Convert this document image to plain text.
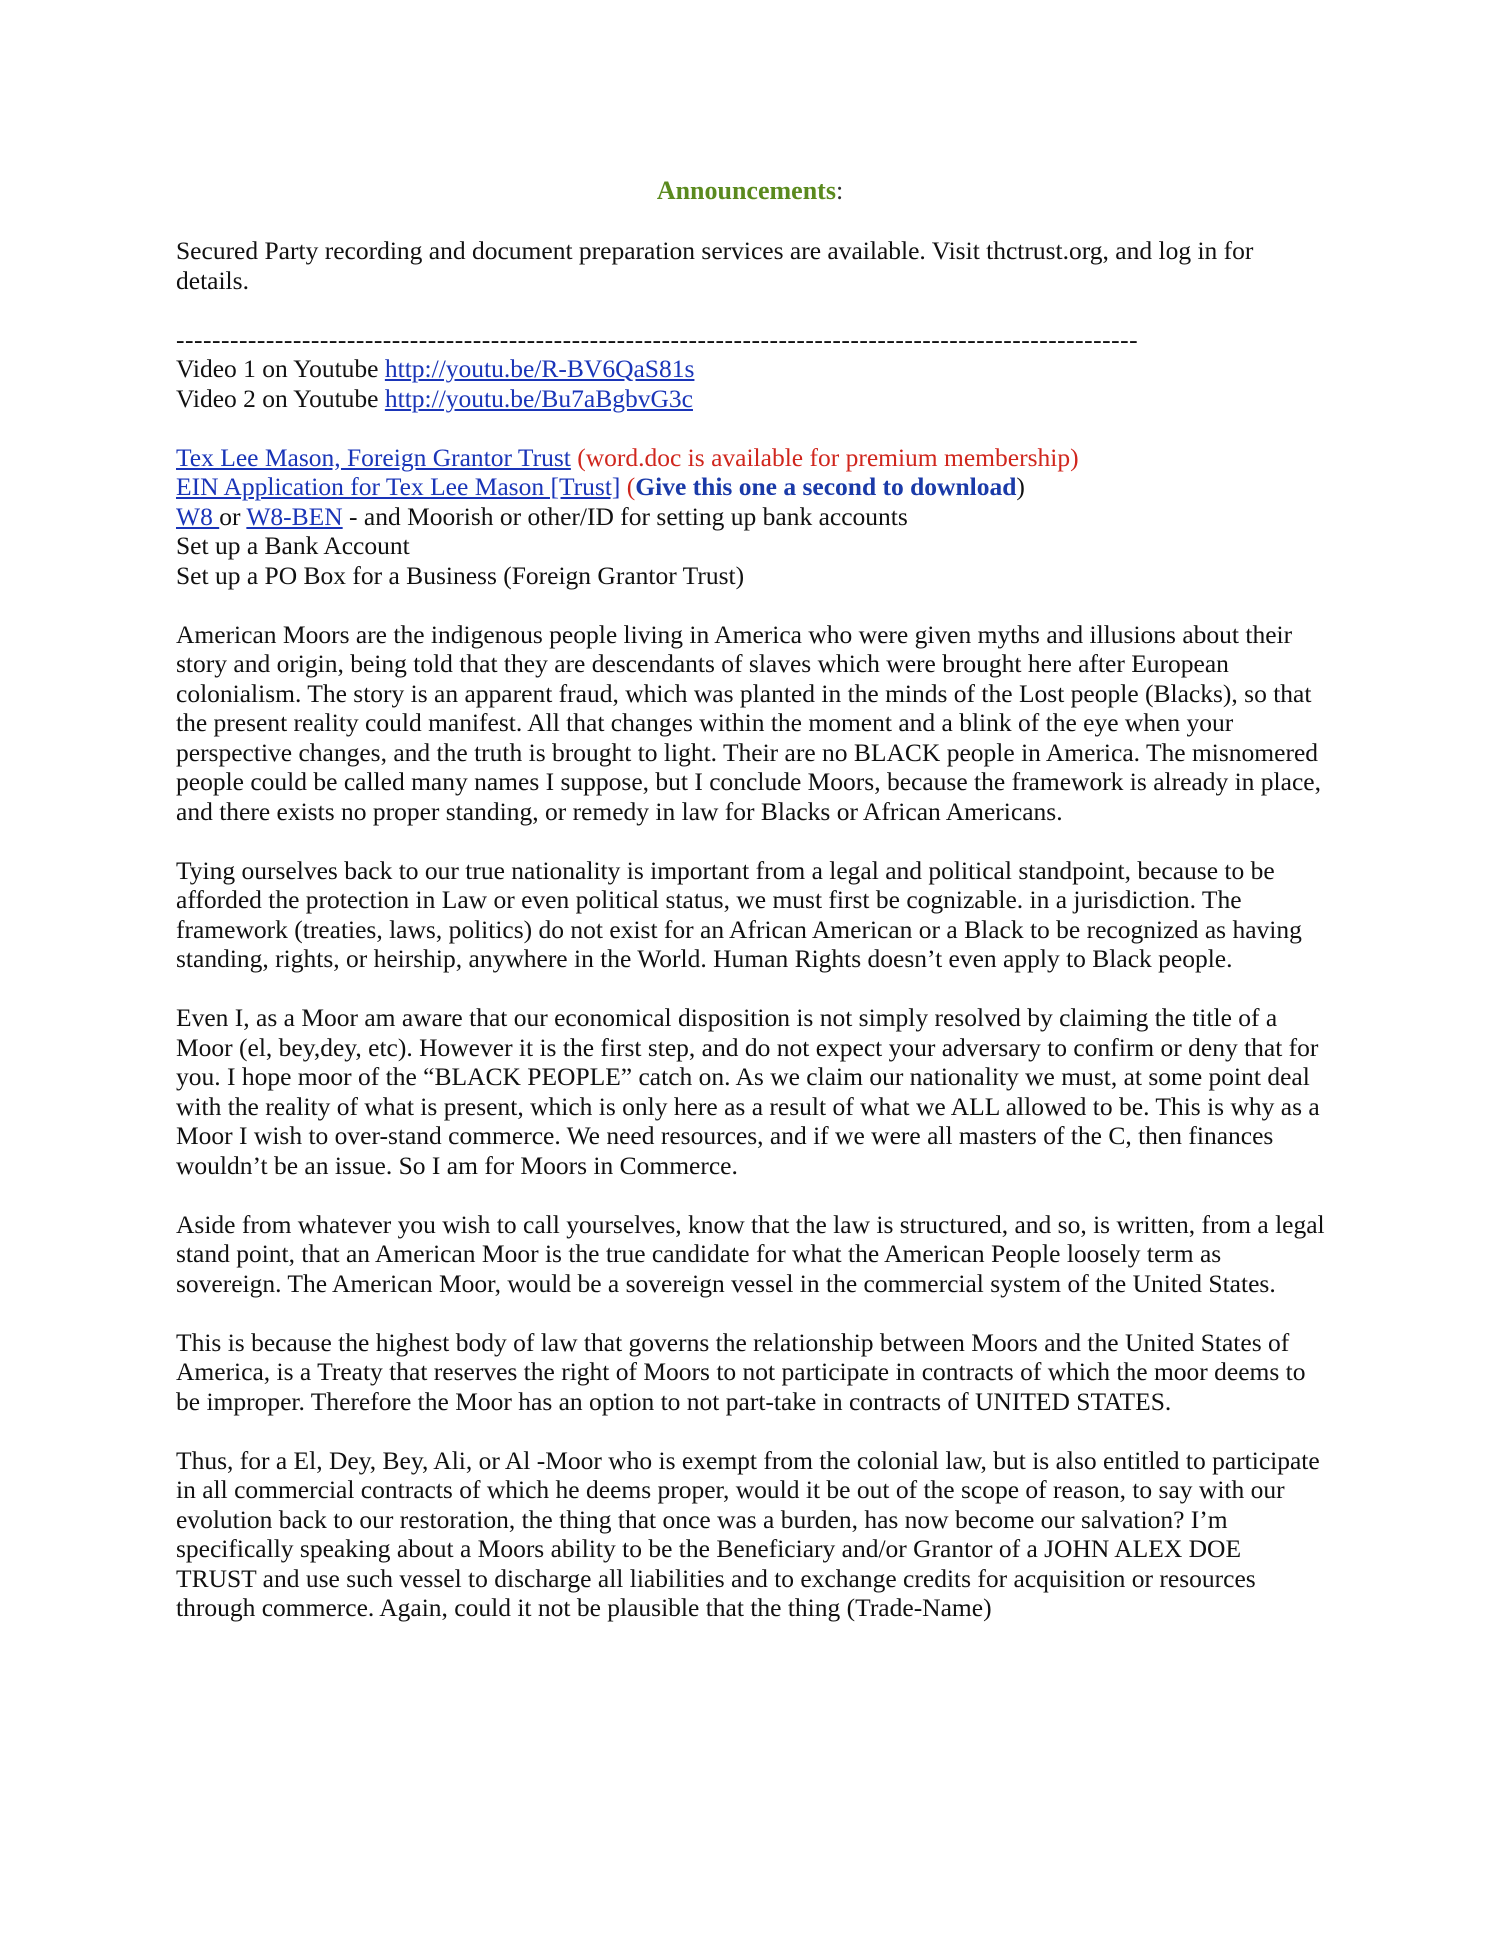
Announcements:

Secured Party recording and document preparation services are available. Visit thctrust.org, and log in for details.

-----------------------------------------------------------------------------------------------------------
Video 1 on Youtube http://youtu.be/R-BV6QaS81s
Video 2 on Youtube http://youtu.be/Bu7aBgbvG3c
Tex Lee Mason, Foreign Grantor Trust (word.doc is available for premium membership)
EIN Application for Tex Lee Mason [Trust] (Give this one a second to download)
W8 or W8-BEN - and Moorish or other/ID for setting up bank accounts
Set up a Bank Account
Set up a PO Box for a Business (Foreign Grantor Trust)

American Moors are the indigenous people living in America who were given myths and illusions about their story and origin, being told that they are descendants of slaves which were brought here after European colonialism. The story is an apparent fraud, which was planted in the minds of the Lost people (Blacks), so that the present reality could manifest. All that changes within the moment and a blink of the eye when your perspective changes, and the truth is brought to light. Their are no BLACK people in America. The misnomered people could be called many names I suppose, but I conclude Moors, because the framework is already in place, and there exists no proper standing, or remedy in law for Blacks or African Americans.

Tying ourselves back to our true nationality is important from a legal and political standpoint, because to be afforded the protection in Law or even political status, we must first be cognizable. in a jurisdiction. The framework (treaties, laws, politics) do not exist for an African American or a Black to be recognized as having standing, rights, or heirship, anywhere in the World. Human Rights doesn’t even apply to Black people.

Even I, as a Moor am aware that our economical disposition is not simply resolved by claiming the title of a Moor (el, bey,dey, etc). However it is the first step, and do not expect your adversary to confirm or deny that for you. I hope moor of the “BLACK PEOPLE” catch on. As we claim our nationality we must, at some point deal with the reality of what is present, which is only here as a result of what we ALL allowed to be. This is why as a Moor I wish to over-stand commerce. We need resources, and if we were all masters of the C, then finances wouldn’t be an issue. So I am for Moors in Commerce.

Aside from whatever you wish to call yourselves, know that the law is structured, and so, is written, from a legal stand point, that an American Moor is the true candidate for what the American People loosely term as sovereign. The American Moor, would be a sovereign vessel in the commercial system of the United States.

This is because the highest body of law that governs the relationship between Moors and the United States of America, is a Treaty that reserves the right of Moors to not participate in contracts of which the moor deems to be improper. Therefore the Moor has an option to not part-take in contracts of UNITED STATES.

Thus, for a El, Dey, Bey, Ali, or Al -Moor who is exempt from the colonial law, but is also entitled to participate in all commercial contracts of which he deems proper, would it be out of the scope of reason, to say with our evolution back to our restoration, the thing that once was a burden, has now become our salvation? I’m specifically speaking about a Moors ability to be the Beneficiary and/or Grantor of a JOHN ALEX DOE TRUST and use such vessel to discharge all liabilities and to exchange credits for acquisition or resources through commerce. Again, could it not be plausible that the thing (Trade-Name)
